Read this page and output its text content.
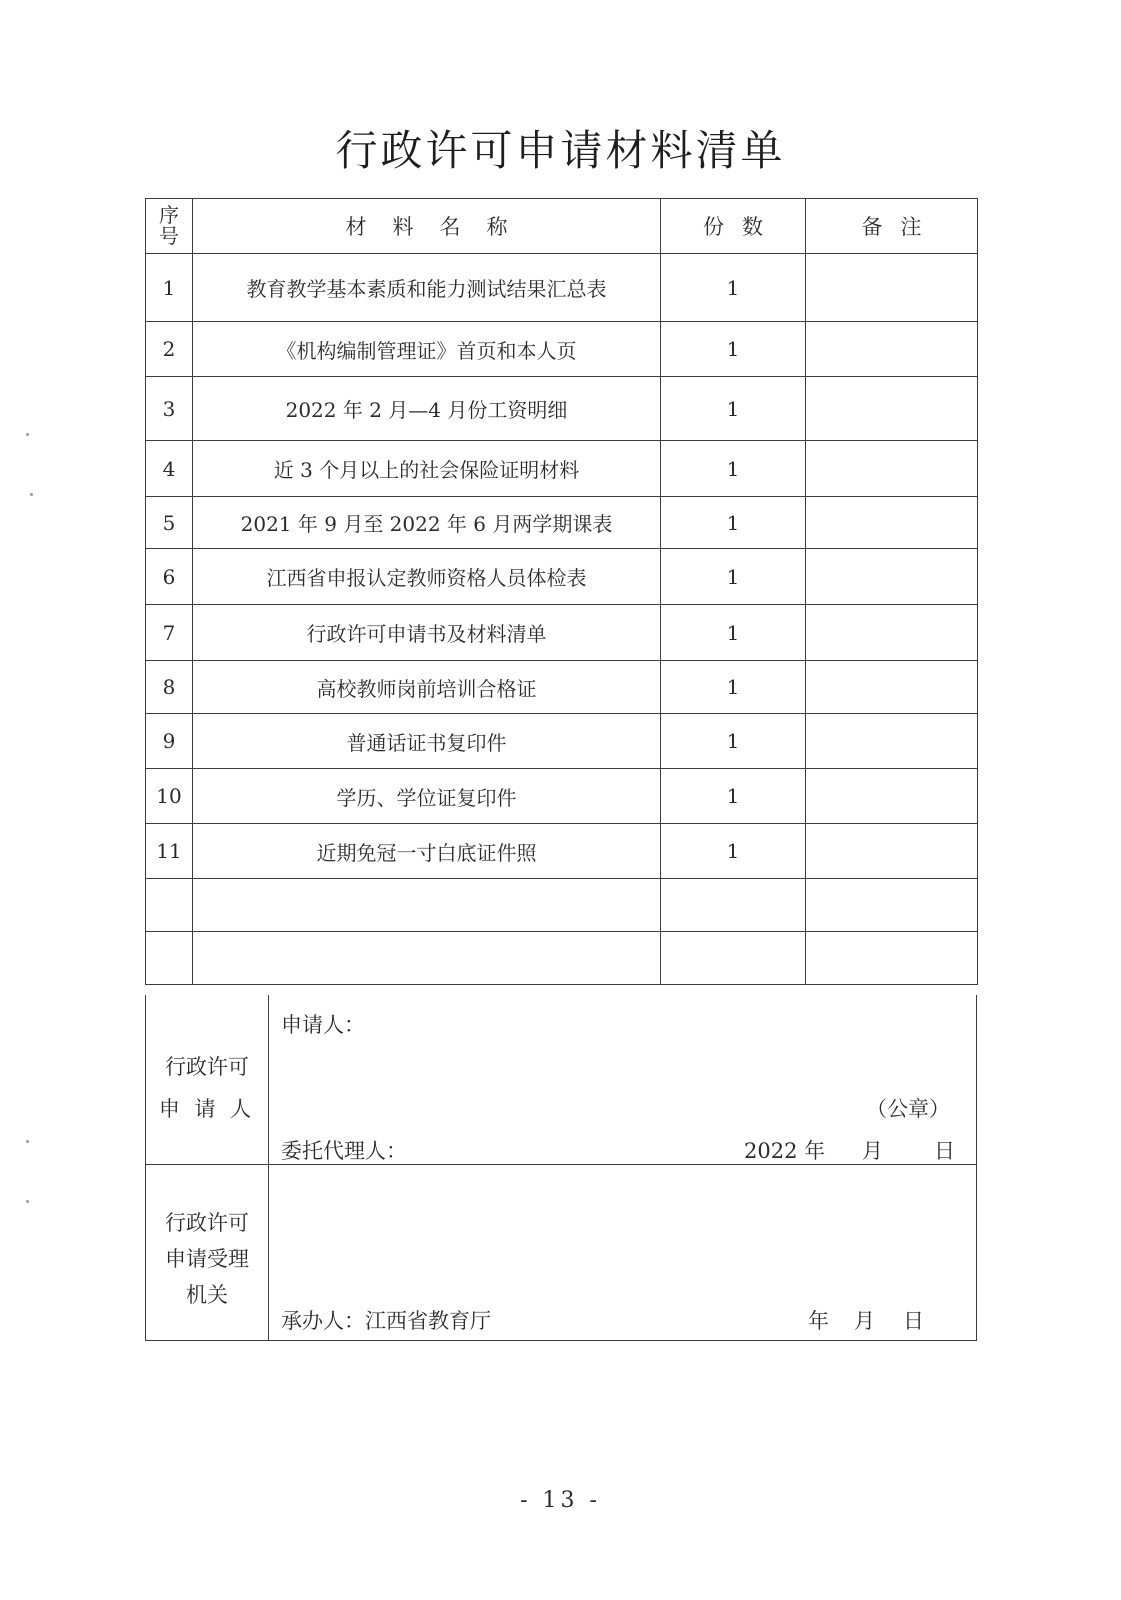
行政许可申请材料清单
序号	材料名称	份数	备注
1	教育教学基本素质和能力测试结果汇总表	1	
2	《机构编制管理证》首页和本人页	1	
3	2022 年 2 月—4 月份工资明细	1	
4	近 3 个月以上的社会保险证明材料	1	
5	2021 年 9 月至 2022 年 6 月两学期课表	1	
6	江西省申报认定教师资格人员体检表	1	
7	行政许可申请书及材料清单	1	
8	高校教师岗前培训合格证	1	
9	普通话证书复印件	1	
10	学历、学位证复印件	1	
11	近期免冠一寸白底证件照	1	

行政许可
申 请 人
申请人：
（公章）
委托代理人：	2022 年 月 日
行政许可
申请受理
机关
承办人：江西省教育厅	年 月 日
- 13 -
